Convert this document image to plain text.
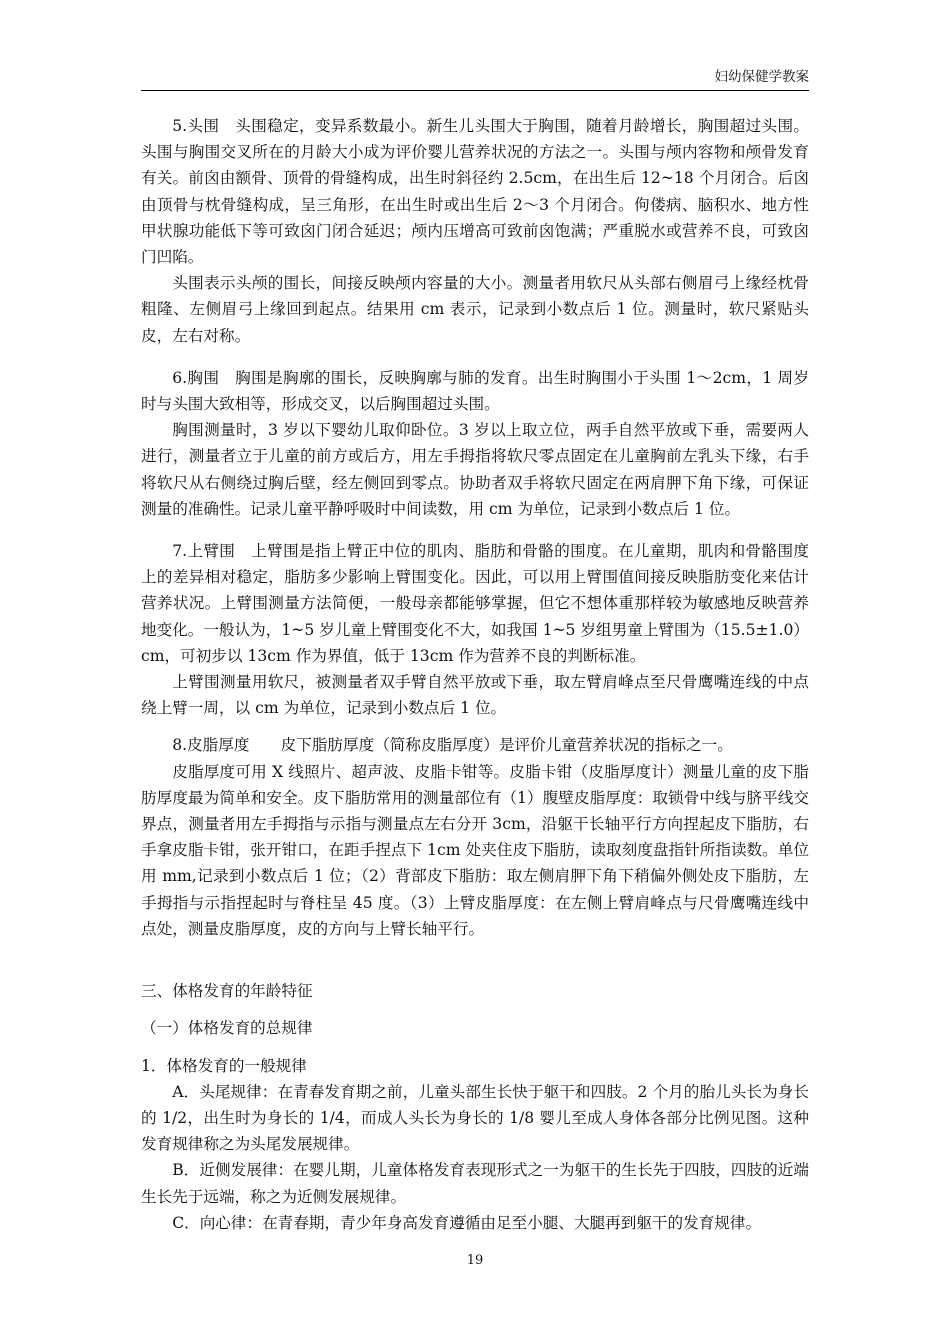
妇幼保健学教案

5.头围　头围稳定，变异系数最小。新生儿头围大于胸围，随着月龄增长，胸围超过头围。头围与胸围交叉所在的月龄大小成为评价婴儿营养状况的方法之一。头围与颅内容物和颅骨发育有关。前囟由额骨、顶骨的骨缝构成，出生时斜径约 2.5cm，在出生后 12~18 个月闭合。后囟由顶骨与枕骨缝构成，呈三角形，在出生时或出生后 2～3 个月闭合。佝偻病、脑积水、地方性甲状腺功能低下等可致囟门闭合延迟；颅内压增高可致前囟饱满；严重脱水或营养不良，可致囟门凹陷。

头围表示头颅的围长，间接反映颅内容量的大小。测量者用软尺从头部右侧眉弓上缘经枕骨粗隆、左侧眉弓上缘回到起点。结果用 cm 表示，记录到小数点后 1 位。测量时，软尺紧贴头皮，左右对称。

6.胸围　胸围是胸廓的围长，反映胸廓与肺的发育。出生时胸围小于头围 1～2cm，1 周岁时与头围大致相等，形成交叉，以后胸围超过头围。

胸围测量时，3 岁以下婴幼儿取仰卧位。3 岁以上取立位，两手自然平放或下垂，需要两人进行，测量者立于儿童的前方或后方，用左手拇指将软尺零点固定在儿童胸前左乳头下缘，右手将软尺从右侧绕过胸后壁，经左侧回到零点。协助者双手将软尺固定在两肩胛下角下缘，可保证测量的准确性。记录儿童平静呼吸时中间读数，用 cm 为单位，记录到小数点后 1 位。

7.上臂围　上臂围是指上臂正中位的肌肉、脂肪和骨骼的围度。在儿童期，肌肉和骨骼围度上的差异相对稳定，脂肪多少影响上臂围变化。因此，可以用上臂围值间接反映脂肪变化来估计营养状况。上臂围测量方法简便，一般母亲都能够掌握，但它不想体重那样较为敏感地反映营养地变化。一般认为，1~5 岁儿童上臂围变化不大，如我国 1~5 岁组男童上臂围为（15.5±1.0）cm，可初步以 13cm 作为界值，低于 13cm 作为营养不良的判断标准。

上臂围测量用软尺，被测量者双手臂自然平放或下垂，取左臂肩峰点至尺骨鹰嘴连线的中点绕上臂一周，以 cm 为单位，记录到小数点后 1 位。

8.皮脂厚度　　皮下脂肪厚度（简称皮脂厚度）是评价儿童营养状况的指标之一。

皮脂厚度可用 X 线照片、超声波、皮脂卡钳等。皮脂卡钳（皮脂厚度计）测量儿童的皮下脂肪厚度最为简单和安全。皮下脂肪常用的测量部位有（1）腹壁皮脂厚度：取锁骨中线与脐平线交界点，测量者用左手拇指与示指与测量点左右分开 3cm，沿躯干长轴平行方向捏起皮下脂肪，右手拿皮脂卡钳，张开钳口，在距手捏点下 1cm 处夹住皮下脂肪，读取刻度盘指针所指读数。单位用 mm,记录到小数点后 1 位；（2）背部皮下脂肪：取左侧肩胛下角下稍偏外侧处皮下脂肪，左手拇指与示指捏起时与脊柱呈 45 度。（3）上臂皮脂厚度：在左侧上臂肩峰点与尺骨鹰嘴连线中点处，测量皮脂厚度，皮的方向与上臂长轴平行。

三、体格发育的年龄特征

（一）体格发育的总规律

1．体格发育的一般规律

A．头尾规律：在青春发育期之前，儿童头部生长快于躯干和四肢。2 个月的胎儿头长为身长的 1/2，出生时为身长的 1/4，而成人头长为身长的 1/8 婴儿至成人身体各部分比例见图。这种发育规律称之为头尾发展规律。

B．近侧发展律：在婴儿期，儿童体格发育表现形式之一为躯干的生长先于四肢，四肢的近端生长先于远端，称之为近侧发展规律。

C．向心律：在青春期，青少年身高发育遵循由足至小腿、大腿再到躯干的发育规律。

19
